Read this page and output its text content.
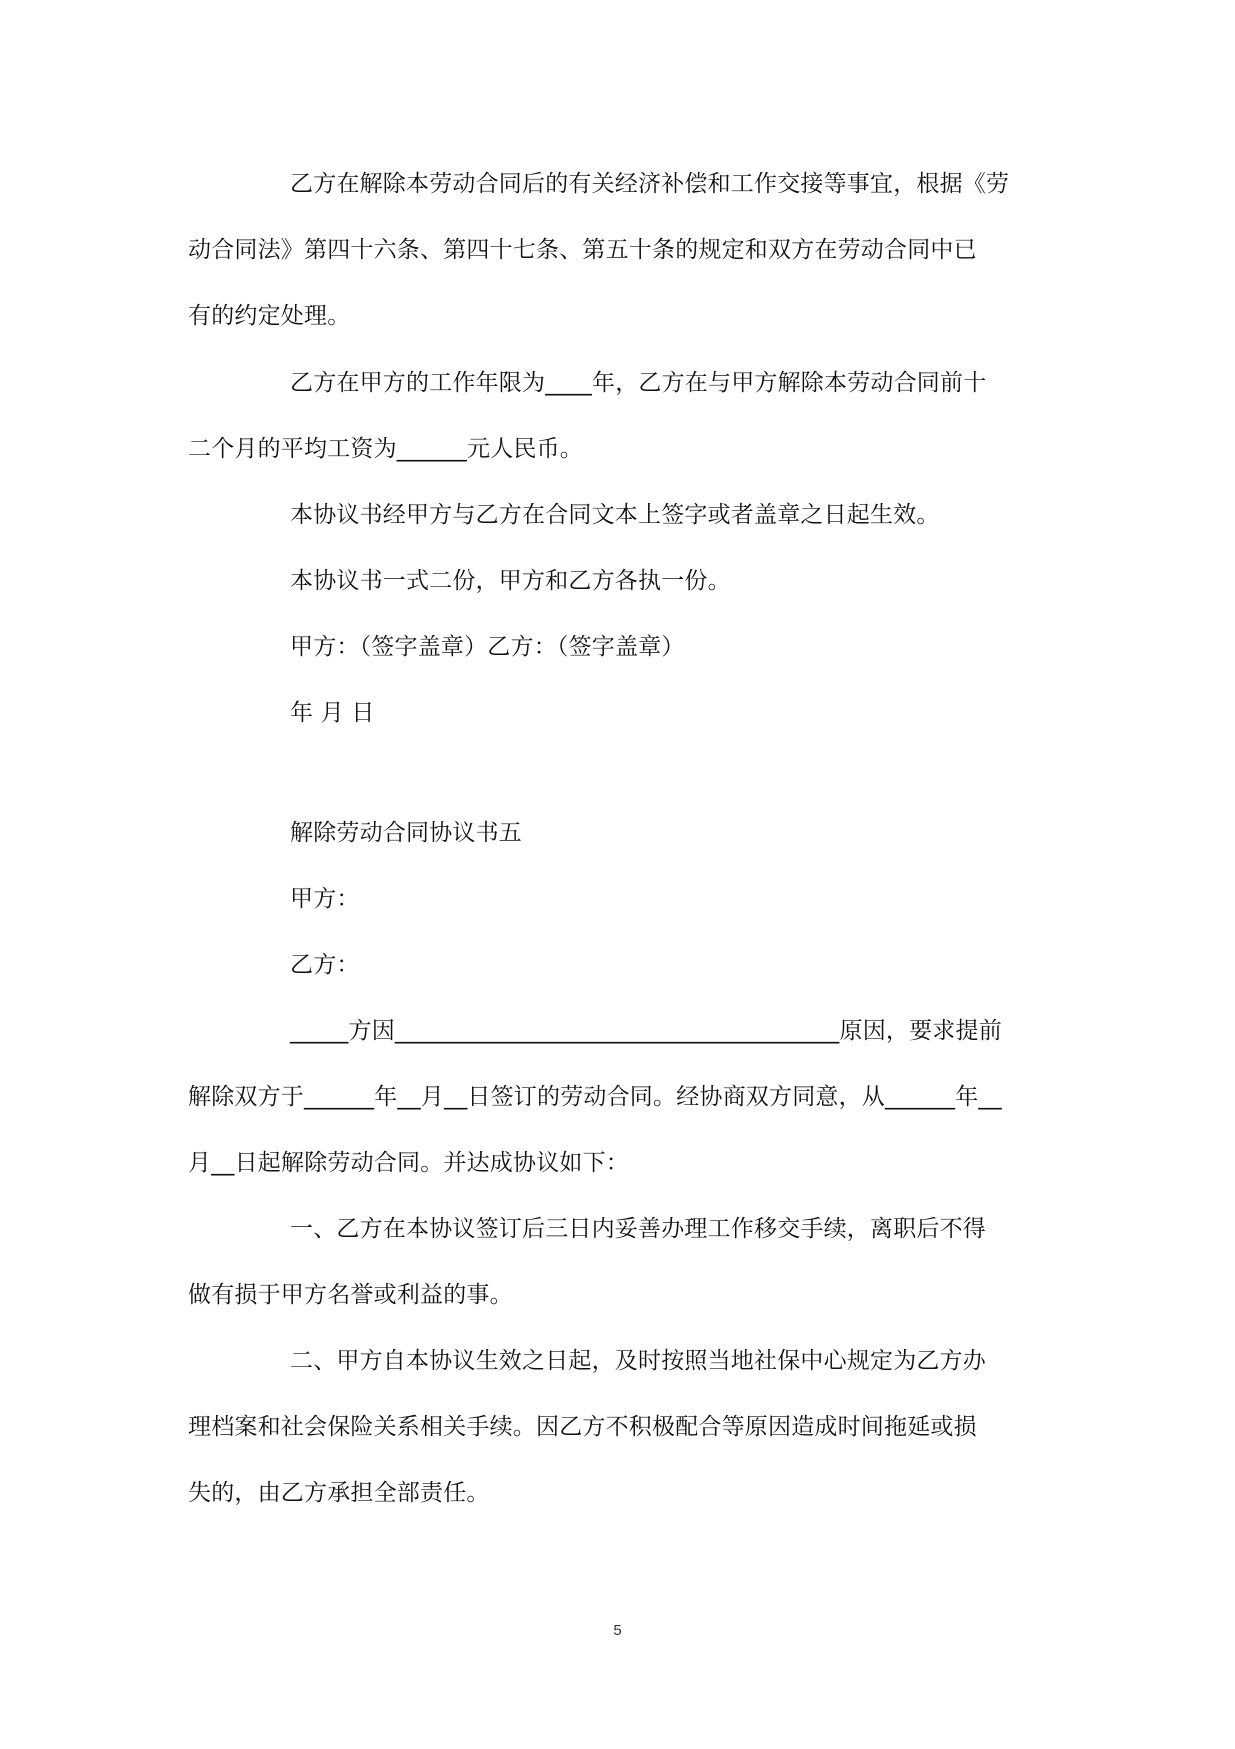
乙方在解除本劳动合同后的有关经济补偿和工作交接等事宜，根据《劳
动合同法》第四十六条、第四十七条、第五十条的规定和双方在劳动合同中已
有的约定处理。
乙方在甲方的工作年限为____年，乙方在与甲方解除本劳动合同前十
二个月的平均工资为______元人民币。
本协议书经甲方与乙方在合同文本上签字或者盖章之日起生效。
本协议书一式二份，甲方和乙方各执一份。
甲方：（签字盖章）乙方：（签字盖章）
年 月 日
解除劳动合同协议书五
甲方：
乙方：
_____方因______________________________________原因，要求提前
解除双方于______年__月__日签订的劳动合同。经协商双方同意，从______年__
月__日起解除劳动合同。并达成协议如下：
一、乙方在本协议签订后三日内妥善办理工作移交手续，离职后不得
做有损于甲方名誉或利益的事。
二、甲方自本协议生效之日起，及时按照当地社保中心规定为乙方办
理档案和社会保险关系相关手续。因乙方不积极配合等原因造成时间拖延或损
失的，由乙方承担全部责任。
5
